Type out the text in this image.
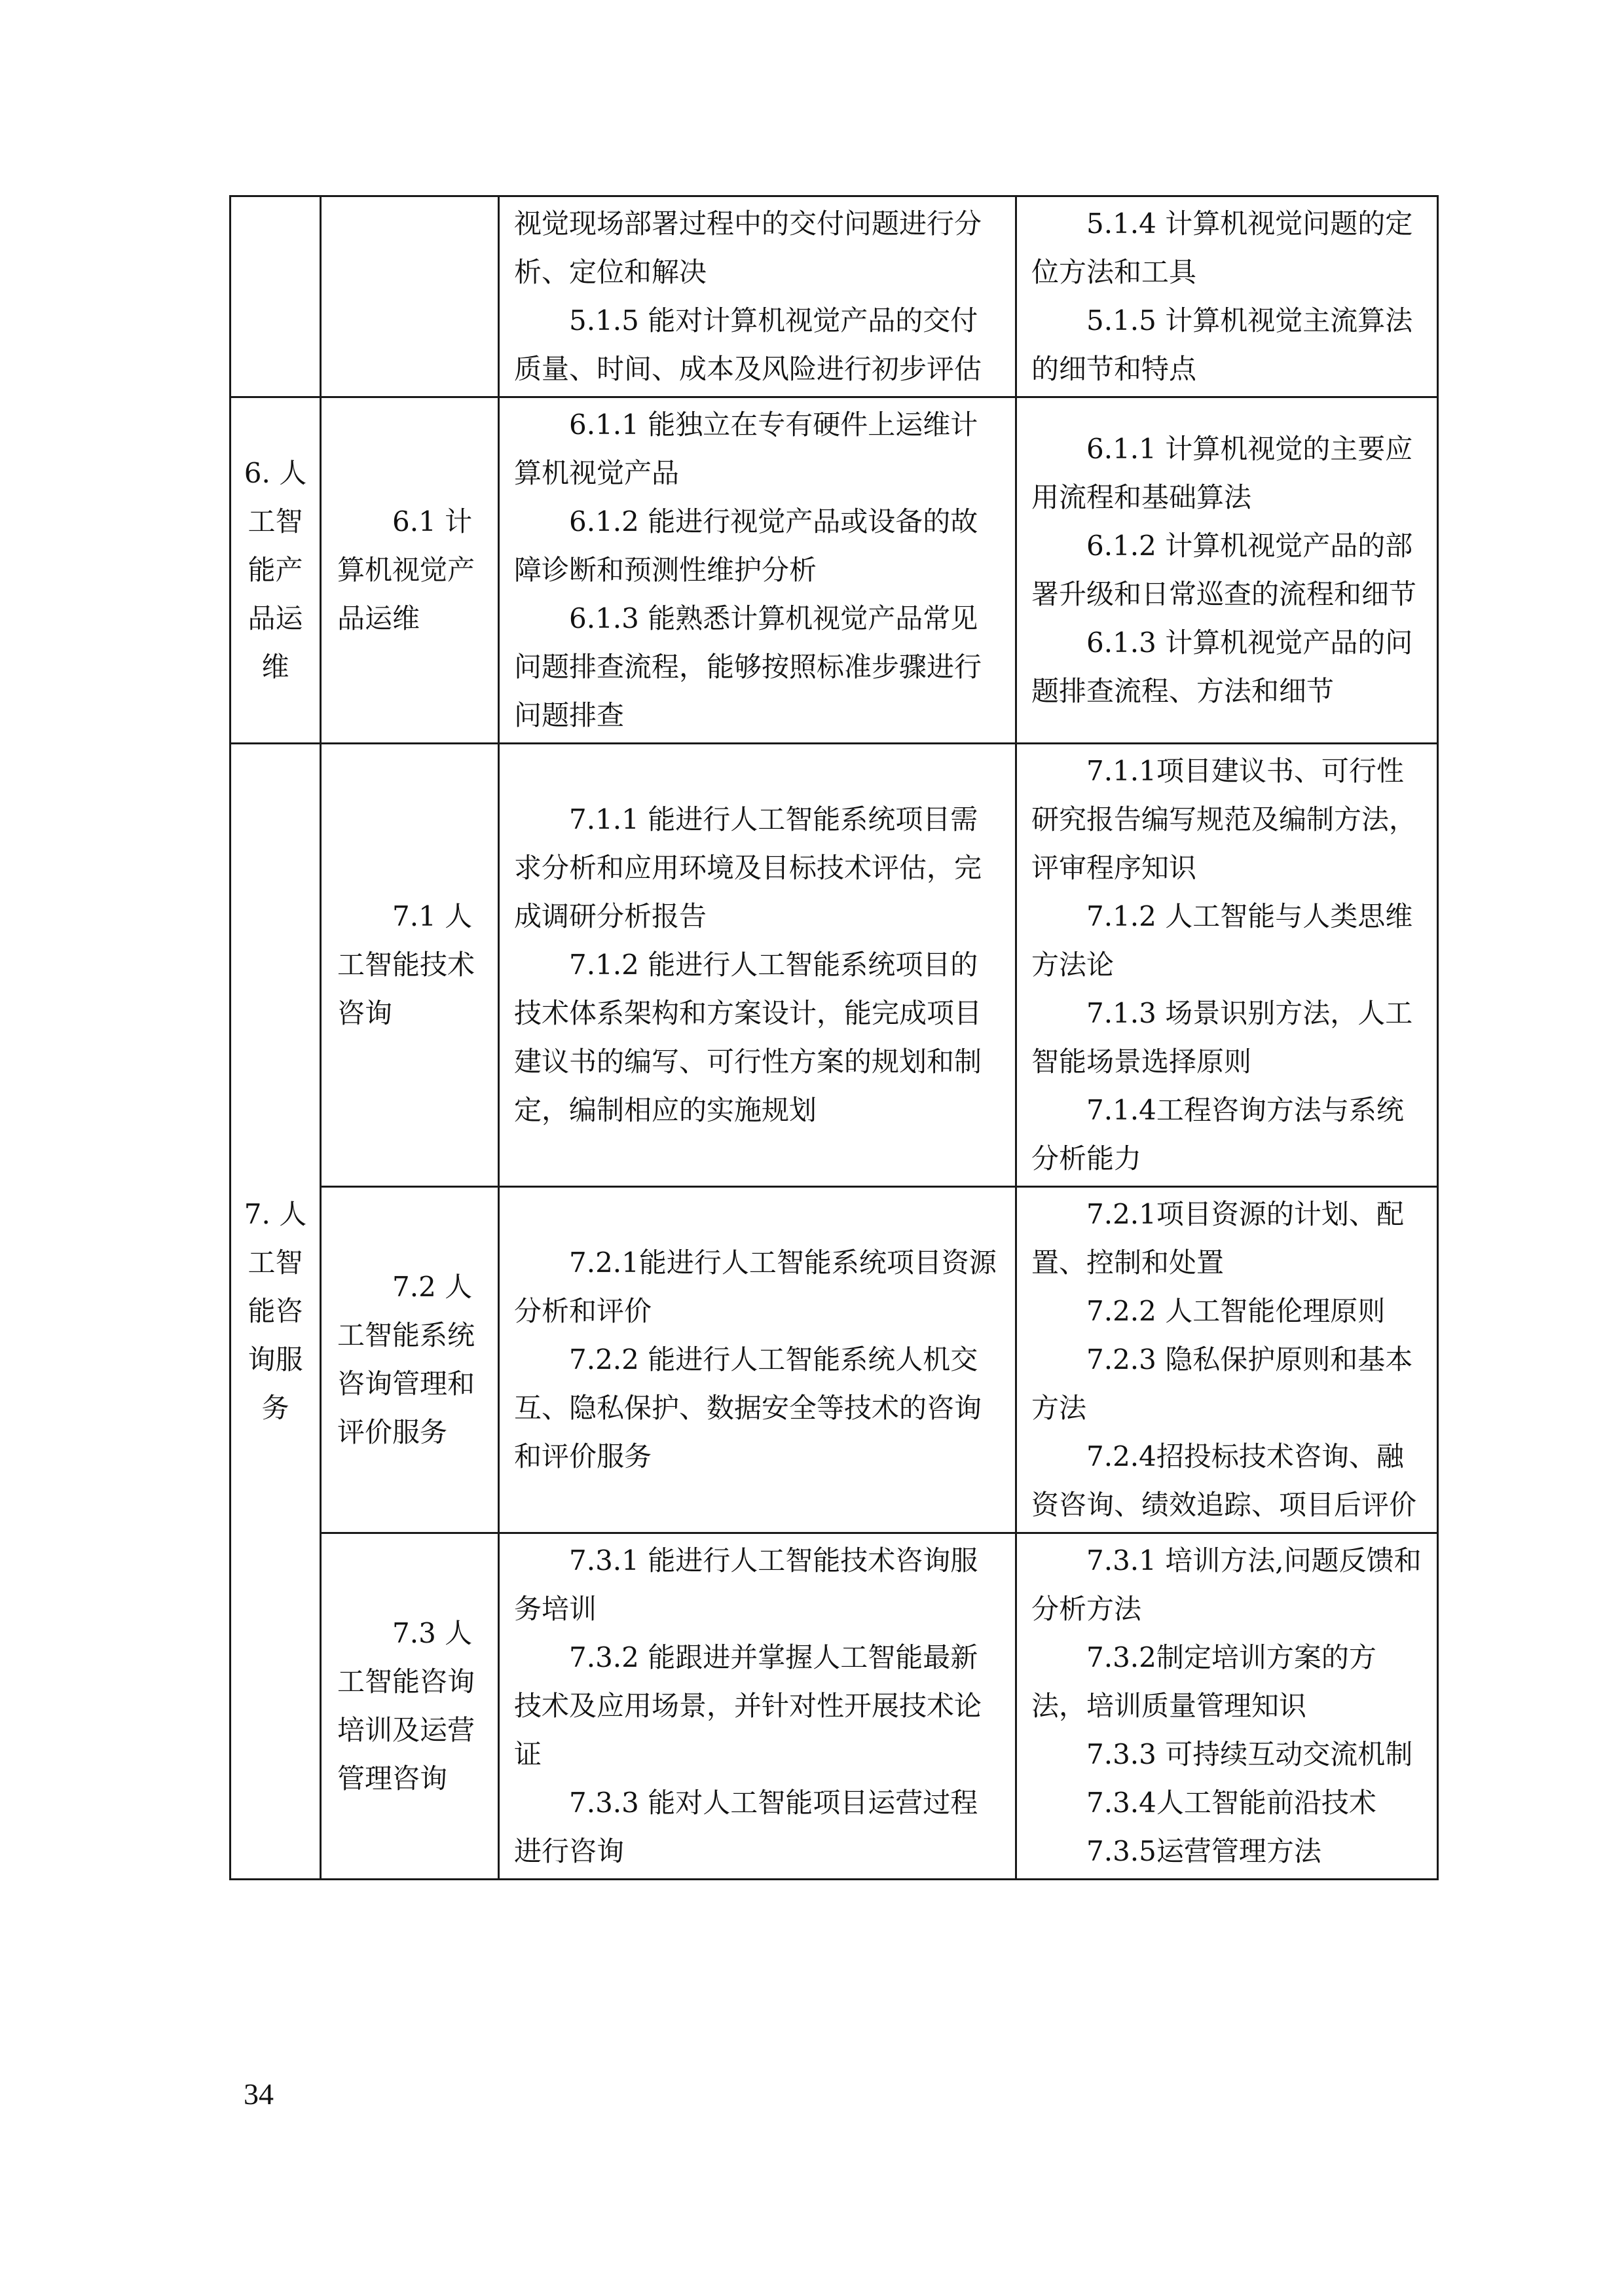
		视觉现场部署过程中的交付问题进行分析、定位和解决
5.1.5 能对计算机视觉产品的交付质量、时间、成本及风险进行初步评估	5.1.4 计算机视觉问题的定位方法和工具
5.1.5 计算机视觉主流算法的细节和特点

6. 人工智能产品运维	6.1 计算机视觉产品运维	6.1.1 能独立在专有硬件上运维计算机视觉产品
6.1.2 能进行视觉产品或设备的故障诊断和预测性维护分析
6.1.3 能熟悉计算机视觉产品常见问题排查流程，能够按照标准步骤进行问题排查	6.1.1 计算机视觉的主要应用流程和基础算法
6.1.2 计算机视觉产品的部署升级和日常巡查的流程和细节
6.1.3 计算机视觉产品的问题排查流程、方法和细节

7. 人工智能咨询服务	7.1 人工智能技术咨询	7.1.1 能进行人工智能系统项目需求分析和应用环境及目标技术评估，完成调研分析报告
7.1.2 能进行人工智能系统项目的技术体系架构和方案设计，能完成项目建议书的编写、可行性方案的规划和制定，编制相应的实施规划	7.1.1项目建议书、可行性研究报告编写规范及编制方法，评审程序知识
7.1.2 人工智能与人类思维方法论
7.1.3 场景识别方法，人工智能场景选择原则
7.1.4工程咨询方法与系统分析能力

	7.2 人工智能系统咨询管理和评价服务	7.2.1能进行人工智能系统项目资源分析和评价
7.2.2 能进行人工智能系统人机交互、隐私保护、数据安全等技术的咨询和评价服务	7.2.1项目资源的计划、配置、控制和处置
7.2.2 人工智能伦理原则
7.2.3 隐私保护原则和基本方法
7.2.4招投标技术咨询、融资咨询、绩效追踪、项目后评价

	7.3 人工智能咨询培训及运营管理咨询	7.3.1 能进行人工智能技术咨询服务培训
7.3.2 能跟进并掌握人工智能最新技术及应用场景，并针对性开展技术论证
7.3.3 能对人工智能项目运营过程进行咨询	7.3.1 培训方法,问题反馈和分析方法
7.3.2制定培训方案的方法，培训质量管理知识
7.3.3 可持续互动交流机制
7.3.4人工智能前沿技术
7.3.5运营管理方法
34
